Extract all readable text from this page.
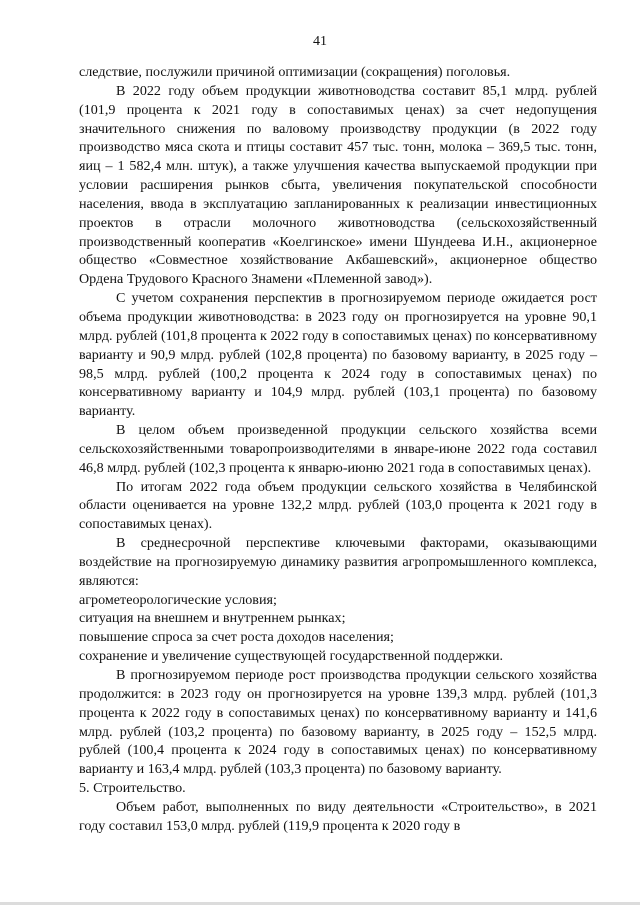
41

следствие, послужили причиной оптимизации (сокращения) поголовья.

В 2022 году объем продукции животноводства составит 85,1 млрд. рублей (101,9 процента к 2021 году в сопоставимых ценах) за счет недопущения значительного снижения по валовому производству продукции (в 2022 году производство мяса скота и птицы составит 457 тыс. тонн, молока – 369,5 тыс. тонн, яиц – 1 582,4 млн. штук), а также улучшения качества выпускаемой продукции при условии расширения рынков сбыта, увеличения покупательской способности населения, ввода в эксплуатацию запланированных к реализации инвестиционных проектов в отрасли молочного животноводства (сельскохозяйственный производственный кооператив «Коелгинское» имени Шундеева И.Н., акционерное общество «Совместное хозяйствование Акбашевский», акционерное общество Ордена Трудового Красного Знамени «Племенной завод»).

С учетом сохранения перспектив в прогнозируемом периоде ожидается рост объема продукции животноводства: в 2023 году он прогнозируется на уровне 90,1 млрд. рублей (101,8 процента к 2022 году в сопоставимых ценах) по консервативному варианту и 90,9 млрд. рублей (102,8 процента) по базовому варианту, в 2025 году – 98,5 млрд. рублей (100,2 процента к 2024 году в сопоставимых ценах) по консервативному варианту и 104,9 млрд. рублей (103,1 процента) по базовому варианту.

В целом объем произведенной продукции сельского хозяйства всеми сельскохозяйственными товаропроизводителями в январе-июне 2022 года составил 46,8 млрд. рублей (102,3 процента к январю-июню 2021 года в сопоставимых ценах).

По итогам 2022 года объем продукции сельского хозяйства в Челябинской области оценивается на уровне 132,2 млрд. рублей (103,0 процента к 2021 году в сопоставимых ценах).

В среднесрочной перспективе ключевыми факторами, оказывающими воздействие на прогнозируемую динамику развития агропромышленного комплекса, являются:

агрометеорологические условия;

ситуация на внешнем и внутреннем рынках;

повышение спроса за счет роста доходов населения;

сохранение и увеличение существующей государственной поддержки.

В прогнозируемом периоде рост производства продукции сельского хозяйства продолжится: в 2023 году он прогнозируется на уровне 139,3 млрд. рублей (101,3 процента к 2022 году в сопоставимых ценах) по консервативному варианту и 141,6 млрд. рублей (103,2 процента) по базовому варианту, в 2025 году – 152,5 млрд. рублей (100,4 процента к 2024 году в сопоставимых ценах) по консервативному варианту и 163,4 млрд. рублей (103,3 процента) по базовому варианту.

5. Строительство.

Объем работ, выполненных по виду деятельности «Строительство», в 2021 году составил 153,0 млрд. рублей (119,9 процента к 2020 году в
